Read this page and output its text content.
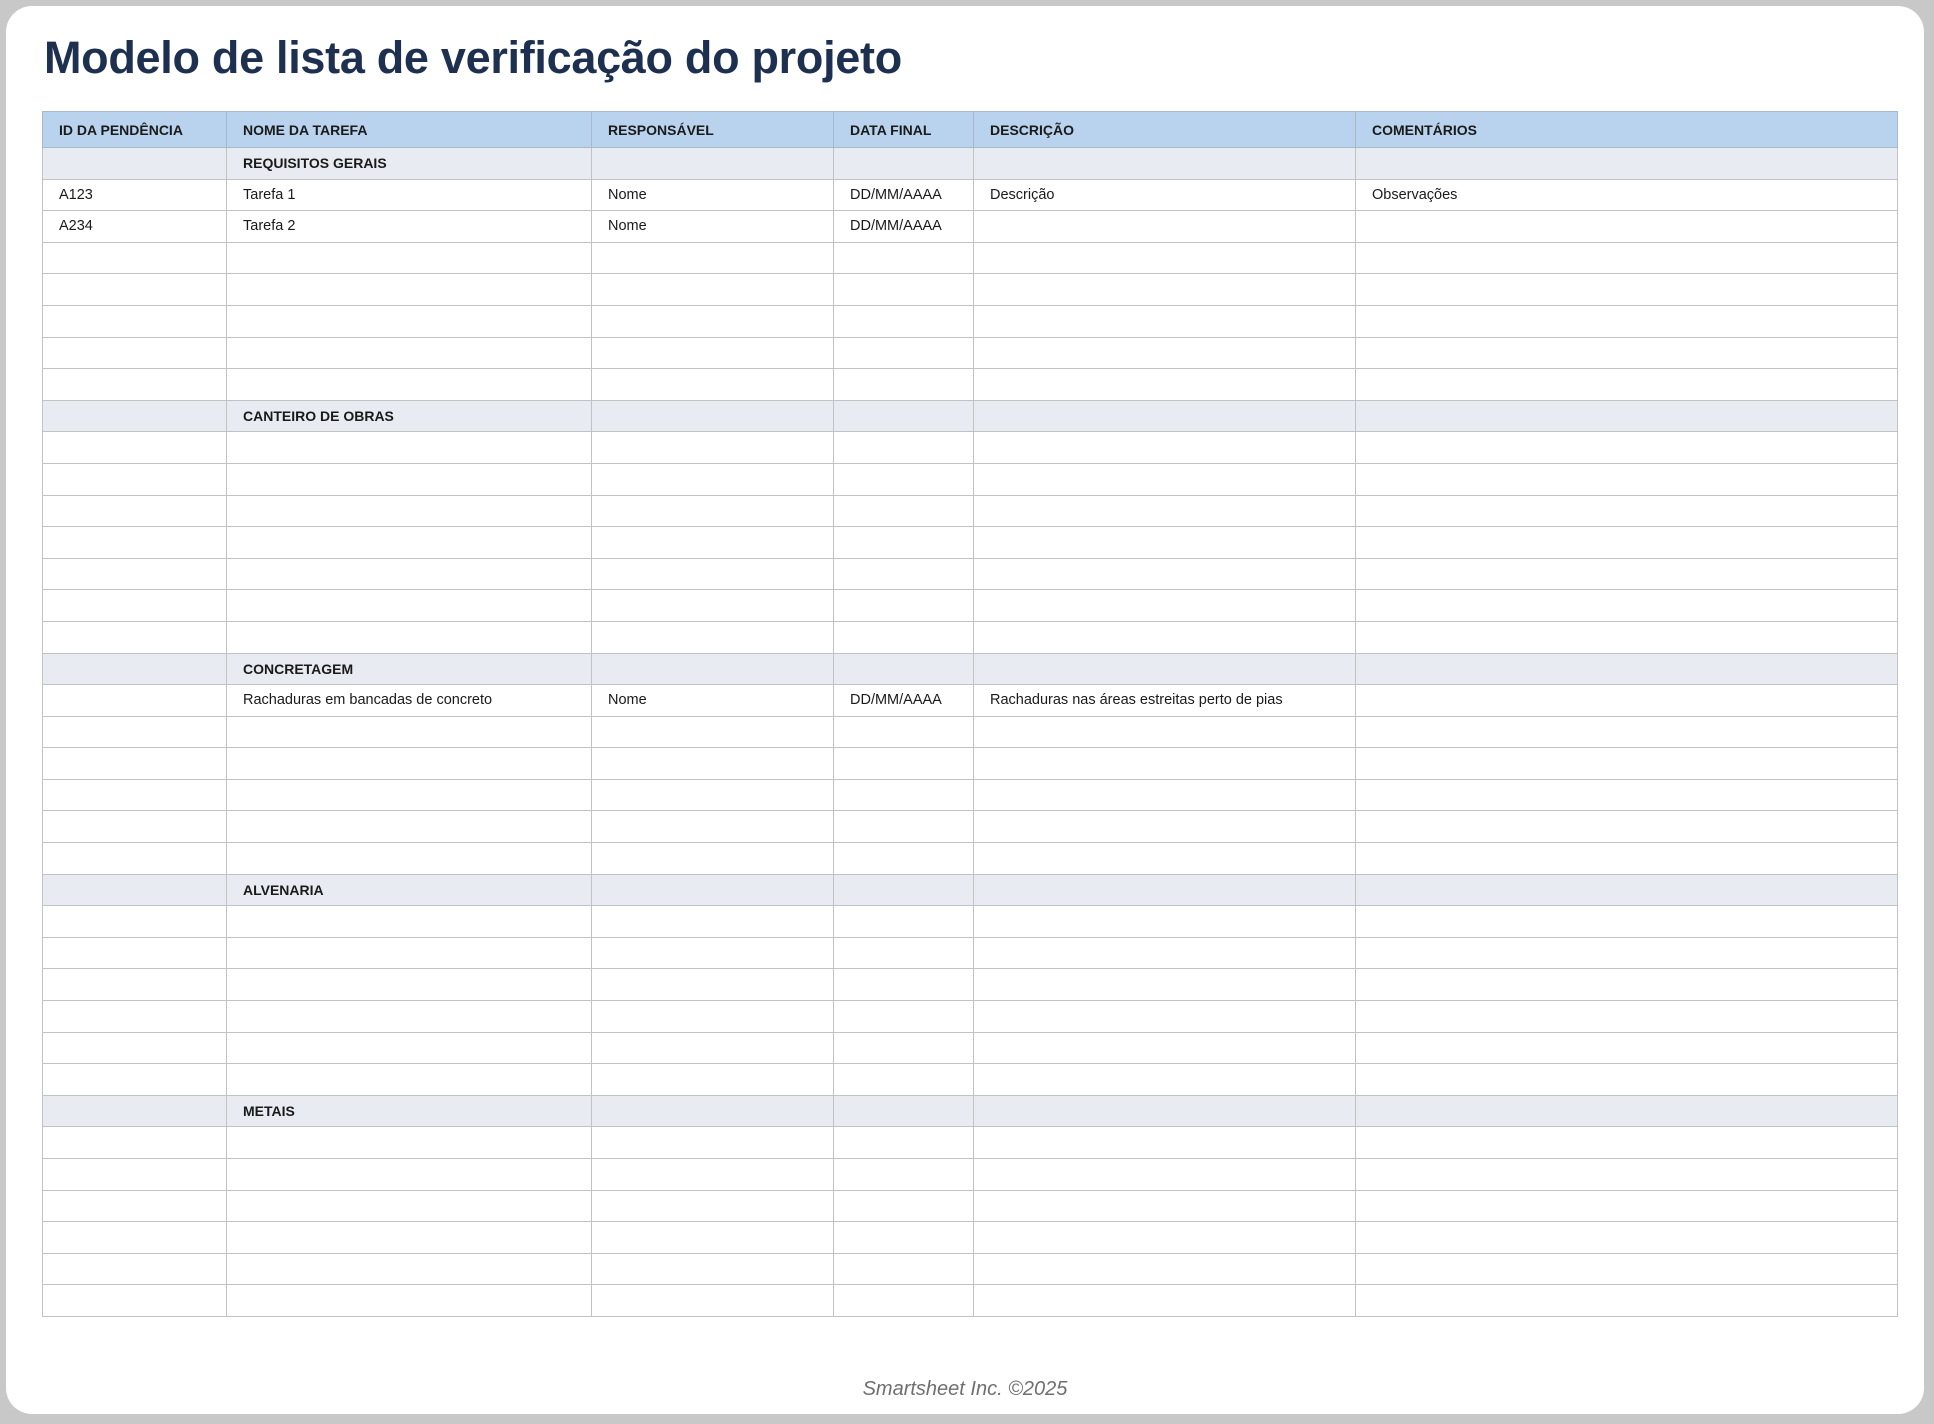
Modelo de lista de verificação do projeto
ID DA PENDÊNCIA	NOME DA TAREFA	RESPONSÁVEL	DATA FINAL	DESCRIÇÃO	COMENTÁRIOS
	REQUISITOS GERAIS				
A123	Tarefa 1	Nome	DD/MM/AAAA	Descrição	Observações
A234	Tarefa 2	Nome	DD/MM/AAAA		

	CANTEIRO DE OBRAS				

	CONCRETAGEM				
	Rachaduras em bancadas de concreto	Nome	DD/MM/AAAA	Rachaduras nas áreas estreitas perto de pias	

	ALVENARIA				

	METAIS				

Smartsheet Inc. ©2025
